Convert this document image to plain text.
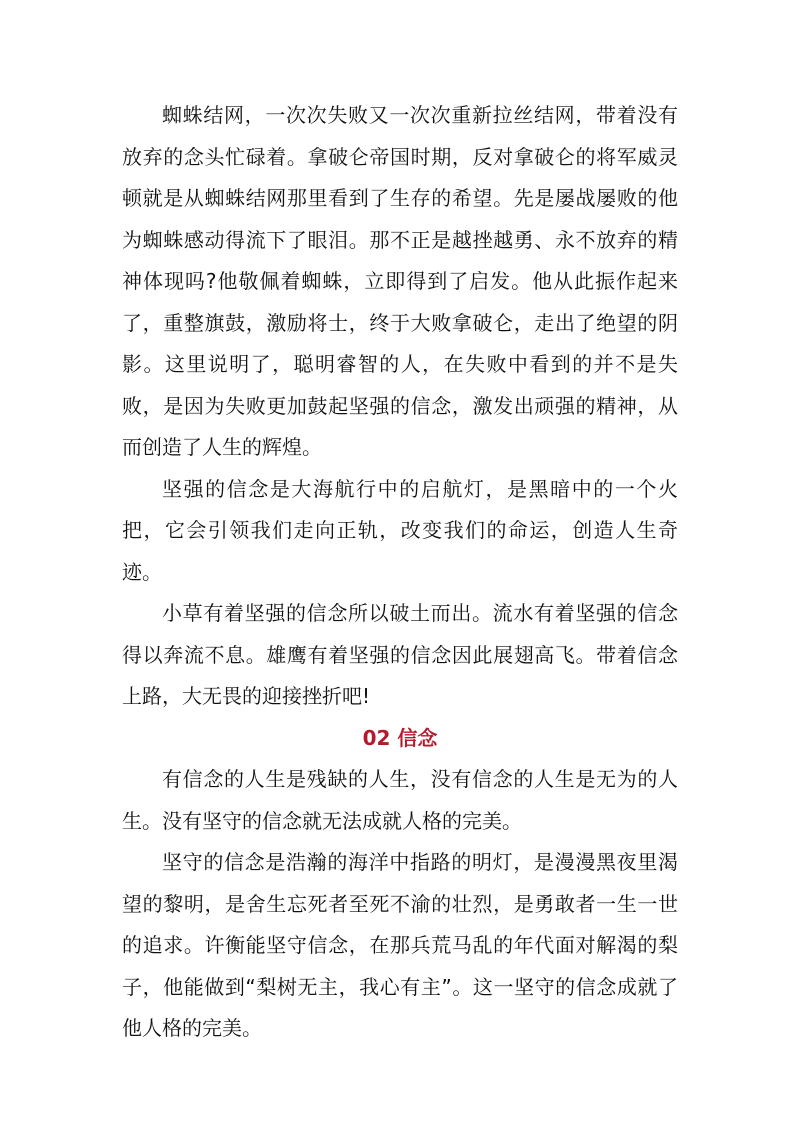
蜘蛛结网，一次次失败又一次次重新拉丝结网，带着没有放弃的念头忙碌着。拿破仑帝国时期，反对拿破仑的将军威灵顿就是从蜘蛛结网那里看到了生存的希望。先是屡战屡败的他为蜘蛛感动得流下了眼泪。那不正是越挫越勇、永不放弃的精神体现吗?他敬佩着蜘蛛，立即得到了启发。他从此振作起来了，重整旗鼓，激励将士，终于大败拿破仑，走出了绝望的阴影。这里说明了，聪明睿智的人，在失败中看到的并不是失败，是因为失败更加鼓起坚强的信念，激发出顽强的精神，从而创造了人生的辉煌。

坚强的信念是大海航行中的启航灯，是黑暗中的一个火把，它会引领我们走向正轨，改变我们的命运，创造人生奇迹。

小草有着坚强的信念所以破土而出。流水有着坚强的信念得以奔流不息。雄鹰有着坚强的信念因此展翅高飞。带着信念上路，大无畏的迎接挫折吧!

02 信念

有信念的人生是残缺的人生，没有信念的人生是无为的人生。没有坚守的信念就无法成就人格的完美。

坚守的信念是浩瀚的海洋中指路的明灯，是漫漫黑夜里渴望的黎明，是舍生忘死者至死不渝的壮烈，是勇敢者一生一世的追求。许衡能坚守信念，在那兵荒马乱的年代面对解渴的梨子，他能做到“梨树无主，我心有主”。这一坚守的信念成就了他人格的完美。
